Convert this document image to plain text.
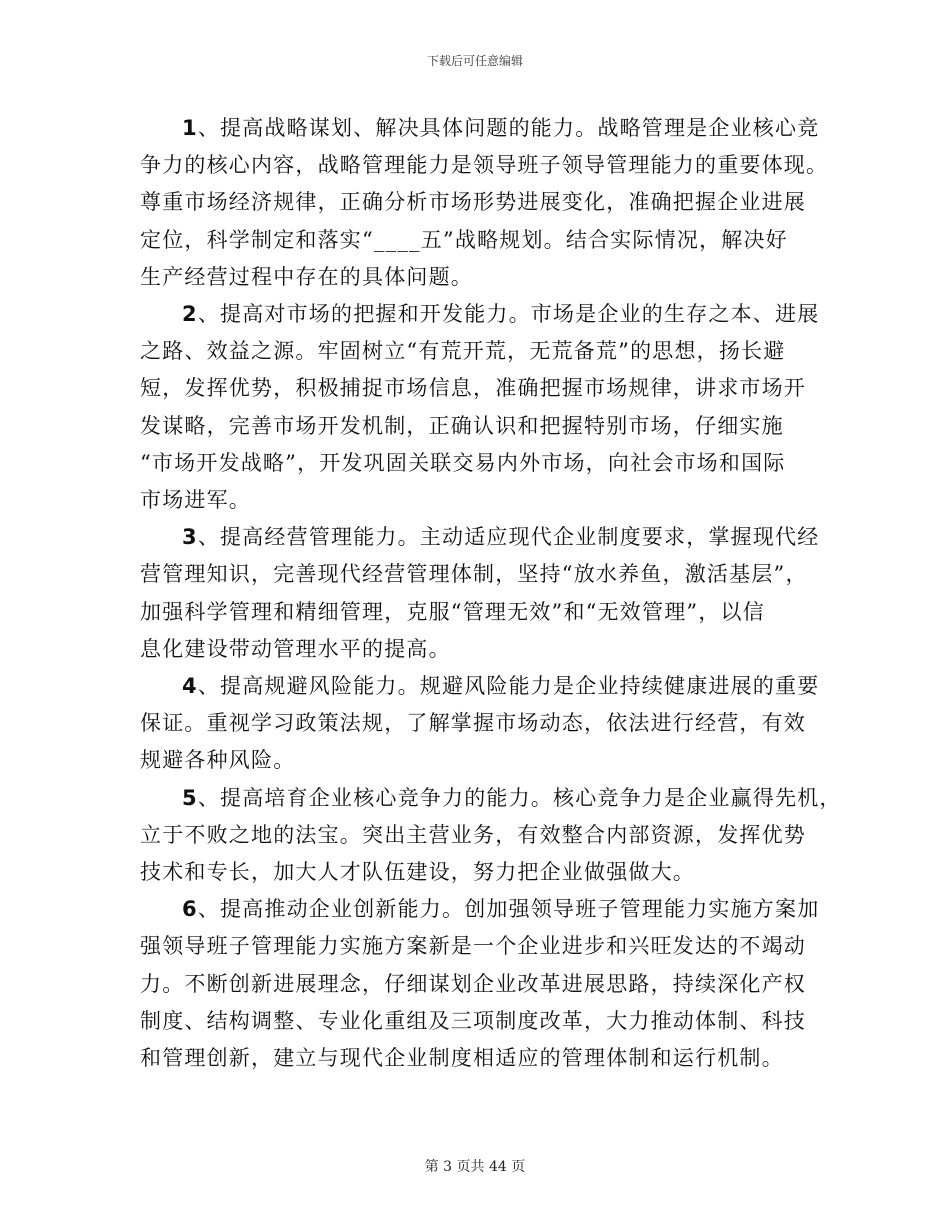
下载后可任意编辑

1、提高战略谋划、解决具体问题的能力。战略管理是企业核心竞
争力的核心内容，战略管理能力是领导班子领导管理能力的重要体现。
尊重市场经济规律，正确分析市场形势进展变化，准确把握企业进展
定位，科学制定和落实“____五”战略规划。结合实际情况，解决好
生产经营过程中存在的具体问题。

2、提高对市场的把握和开发能力。市场是企业的生存之本、进展
之路、效益之源。牢固树立“有荒开荒，无荒备荒”的思想，扬长避
短，发挥优势，积极捕捉市场信息，准确把握市场规律，讲求市场开
发谋略，完善市场开发机制，正确认识和把握特别市场，仔细实施
“市场开发战略”，开发巩固关联交易内外市场，向社会市场和国际
市场进军。

3、提高经营管理能力。主动适应现代企业制度要求，掌握现代经
营管理知识，完善现代经营管理体制，坚持“放水养鱼，激活基层”，
加强科学管理和精细管理，克服“管理无效”和“无效管理”，以信
息化建设带动管理水平的提高。

4、提高规避风险能力。规避风险能力是企业持续健康进展的重要
保证。重视学习政策法规，了解掌握市场动态，依法进行经营，有效
规避各种风险。

5、提高培育企业核心竞争力的能力。核心竞争力是企业赢得先机，
立于不败之地的法宝。突出主营业务，有效整合内部资源，发挥优势
技术和专长，加大人才队伍建设，努力把企业做强做大。

6、提高推动企业创新能力。创加强领导班子管理能力实施方案加
强领导班子管理能力实施方案新是一个企业进步和兴旺发达的不竭动
力。不断创新进展理念，仔细谋划企业改革进展思路，持续深化产权
制度、结构调整、专业化重组及三项制度改革，大力推动体制、科技
和管理创新，建立与现代企业制度相适应的管理体制和运行机制。

第 3 页共 44 页
